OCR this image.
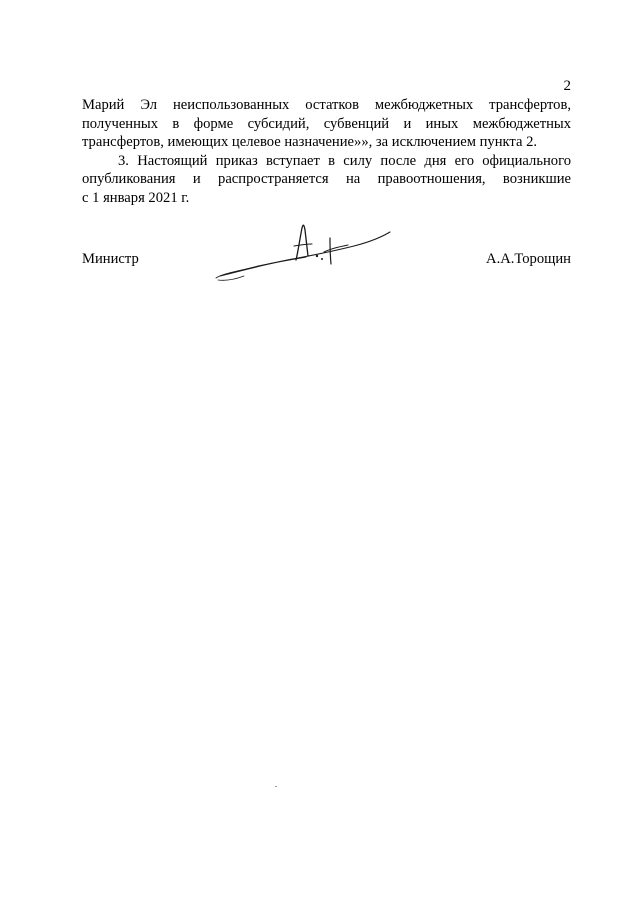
2

Марий Эл неиспользованных остатков межбюджетных трансфертов,
полученных в форме субсидий, субвенций и иных межбюджетных
трансфертов, имеющих целевое назначение»», за исключением пункта 2.

3. Настоящий приказ вступает в силу после дня его официального
опубликования и распространяется на правоотношения, возникшие
с 1 января 2021 г.

Министр	А.А.Торощин
